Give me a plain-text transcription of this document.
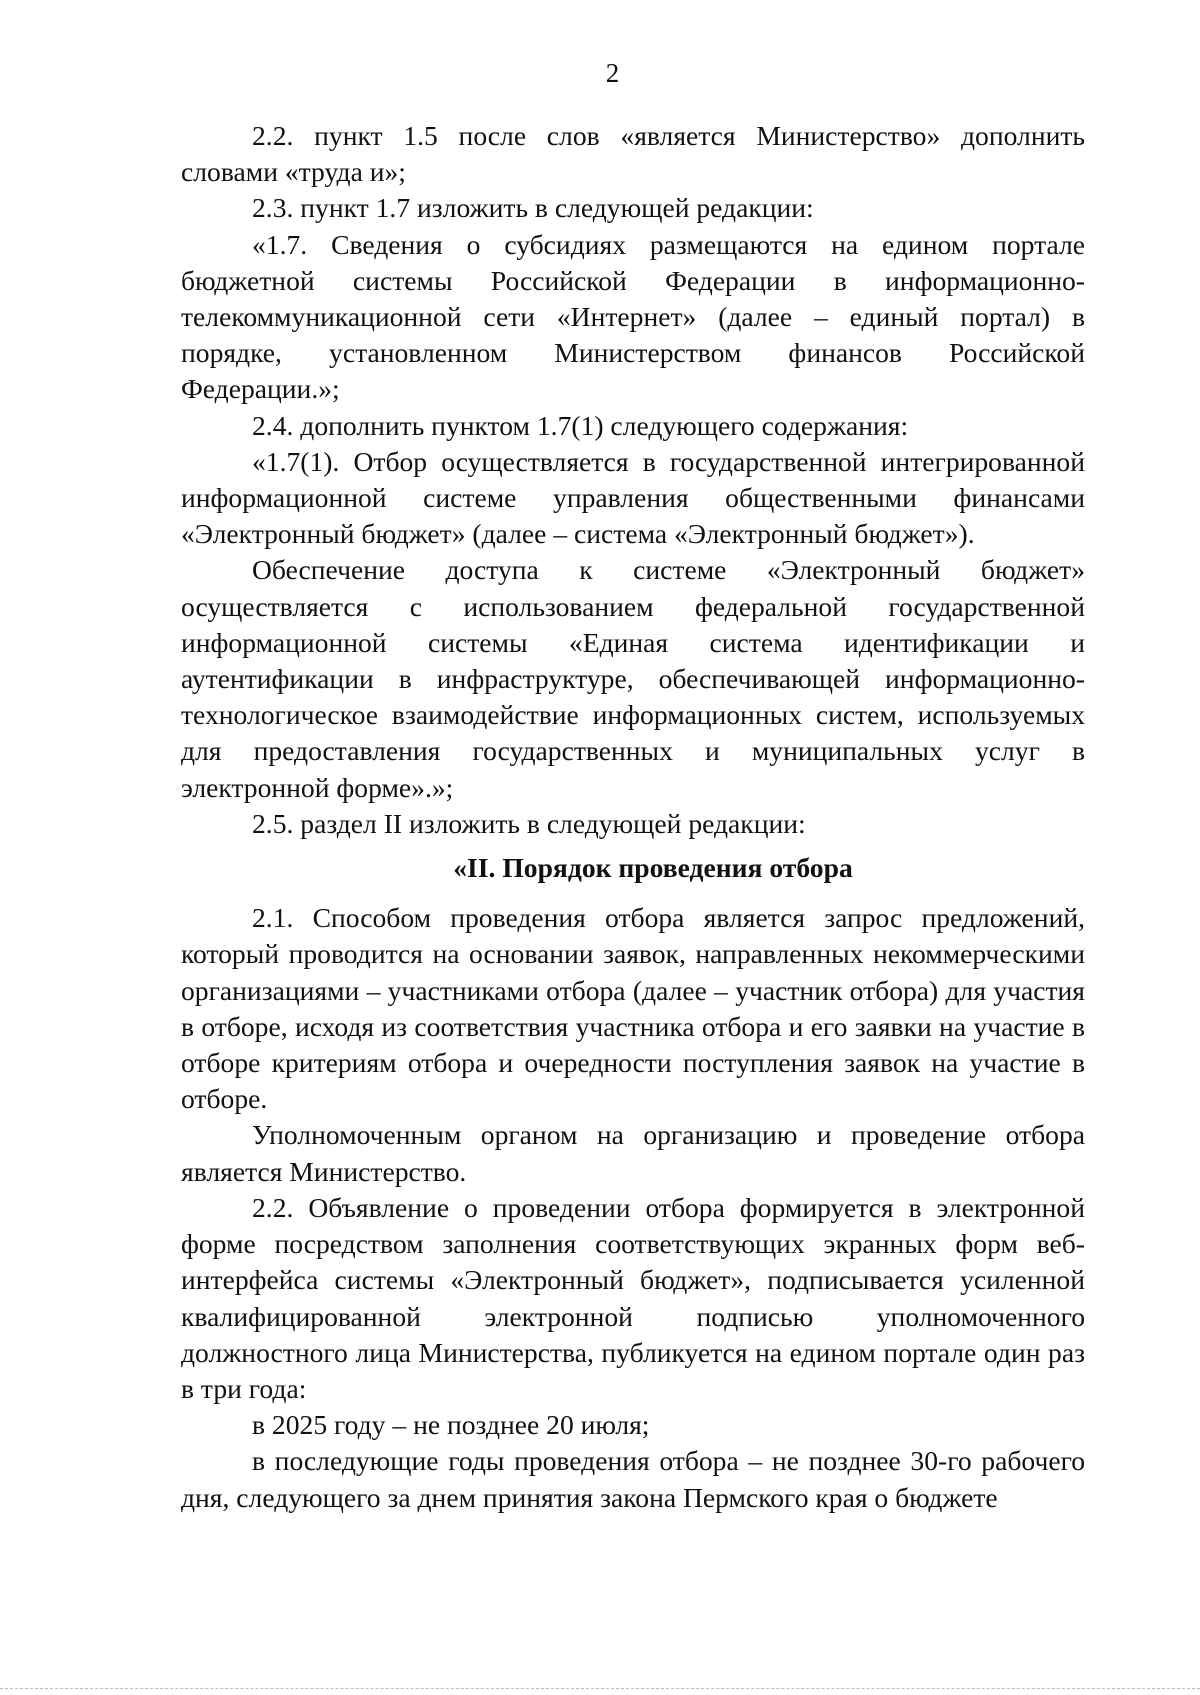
2

2.2. пункт 1.5 после слов «является Министерство» дополнить словами «труда и»;

2.3. пункт 1.7 изложить в следующей редакции:

«1.7. Сведения о субсидиях размещаются на едином портале бюджетной системы Российской Федерации в информационно-телекоммуникационной сети «Интернет» (далее – единый портал) в порядке, установленном Министерством финансов Российской Федерации.»;

2.4. дополнить пунктом 1.7(1) следующего содержания:

«1.7(1). Отбор осуществляется в государственной интегрированной информационной системе управления общественными финансами «Электронный бюджет» (далее – система «Электронный бюджет»).

Обеспечение доступа к системе «Электронный бюджет» осуществляется с использованием федеральной государственной информационной системы «Единая система идентификации и аутентификации в инфраструктуре, обеспечивающей информационно-технологическое взаимодействие информационных систем, используемых для предоставления государственных и муниципальных услуг в электронной форме».»;

2.5. раздел II изложить в следующей редакции:

«II. Порядок проведения отбора

2.1. Способом проведения отбора является запрос предложений, который проводится на основании заявок, направленных некоммерческими организациями – участниками отбора (далее – участник отбора) для участия в отборе, исходя из соответствия участника отбора и его заявки на участие в отборе критериям отбора и очередности поступления заявок на участие в отборе.

Уполномоченным органом на организацию и проведение отбора является Министерство.

2.2. Объявление о проведении отбора формируется в электронной форме посредством заполнения соответствующих экранных форм веб-интерфейса системы «Электронный бюджет», подписывается усиленной квалифицированной электронной подписью уполномоченного должностного лица Министерства, публикуется на едином портале один раз в три года:

в 2025 году – не позднее 20 июля;

в последующие годы проведения отбора – не позднее 30-го рабочего дня, следующего за днем принятия закона Пермского края о бюджете
